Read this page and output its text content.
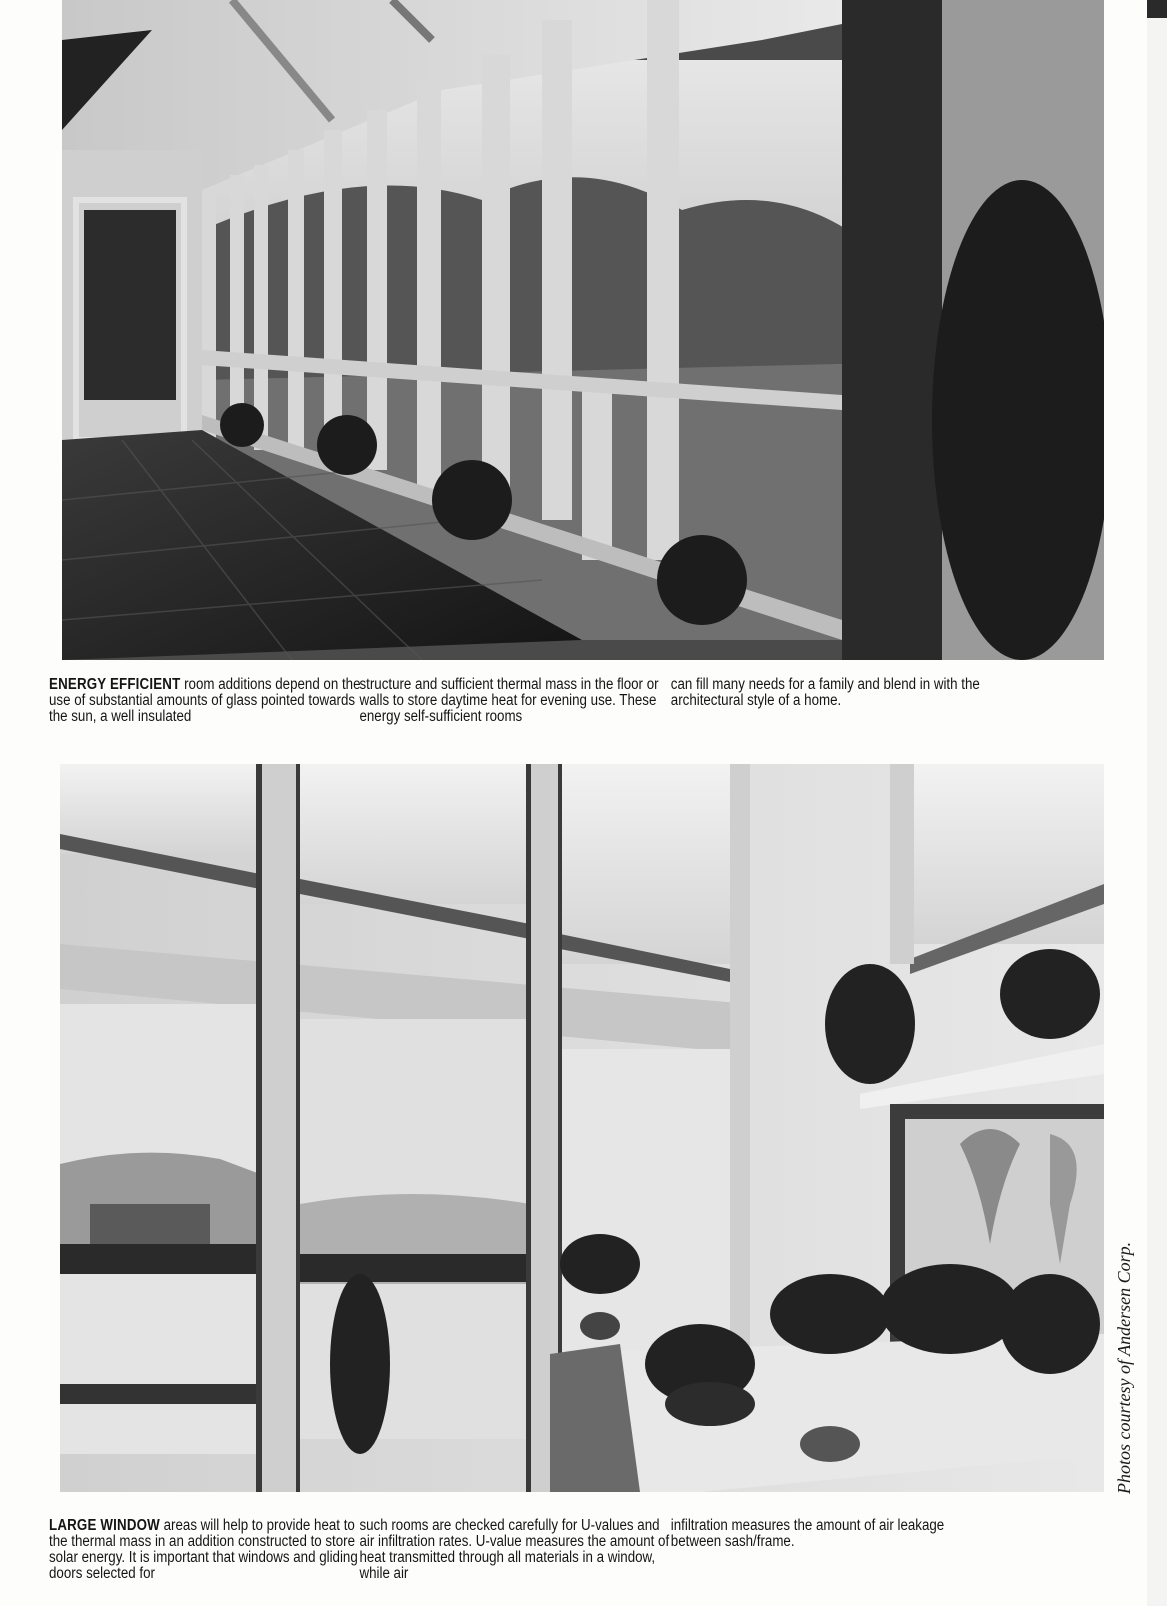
ENERGY EFFICIENT room additions depend on the use of substantial amounts of glass pointed towards the sun, a well insulated

structure and sufficient thermal mass in the floor or walls to store daytime heat for evening use. These energy self-sufficient rooms

can fill many needs for a family and blend in with the architectural style of a home.

LARGE WINDOW areas will help to provide heat to the thermal mass in an addition constructed to store solar energy. It is important that windows and gliding doors selected for

such rooms are checked carefully for U-values and air infiltration rates. U-value measures the amount of heat transmitted through all materials in a window, while air

infiltration measures the amount of air leakage between sash/frame.

Photos courtesy of Andersen Corp.
